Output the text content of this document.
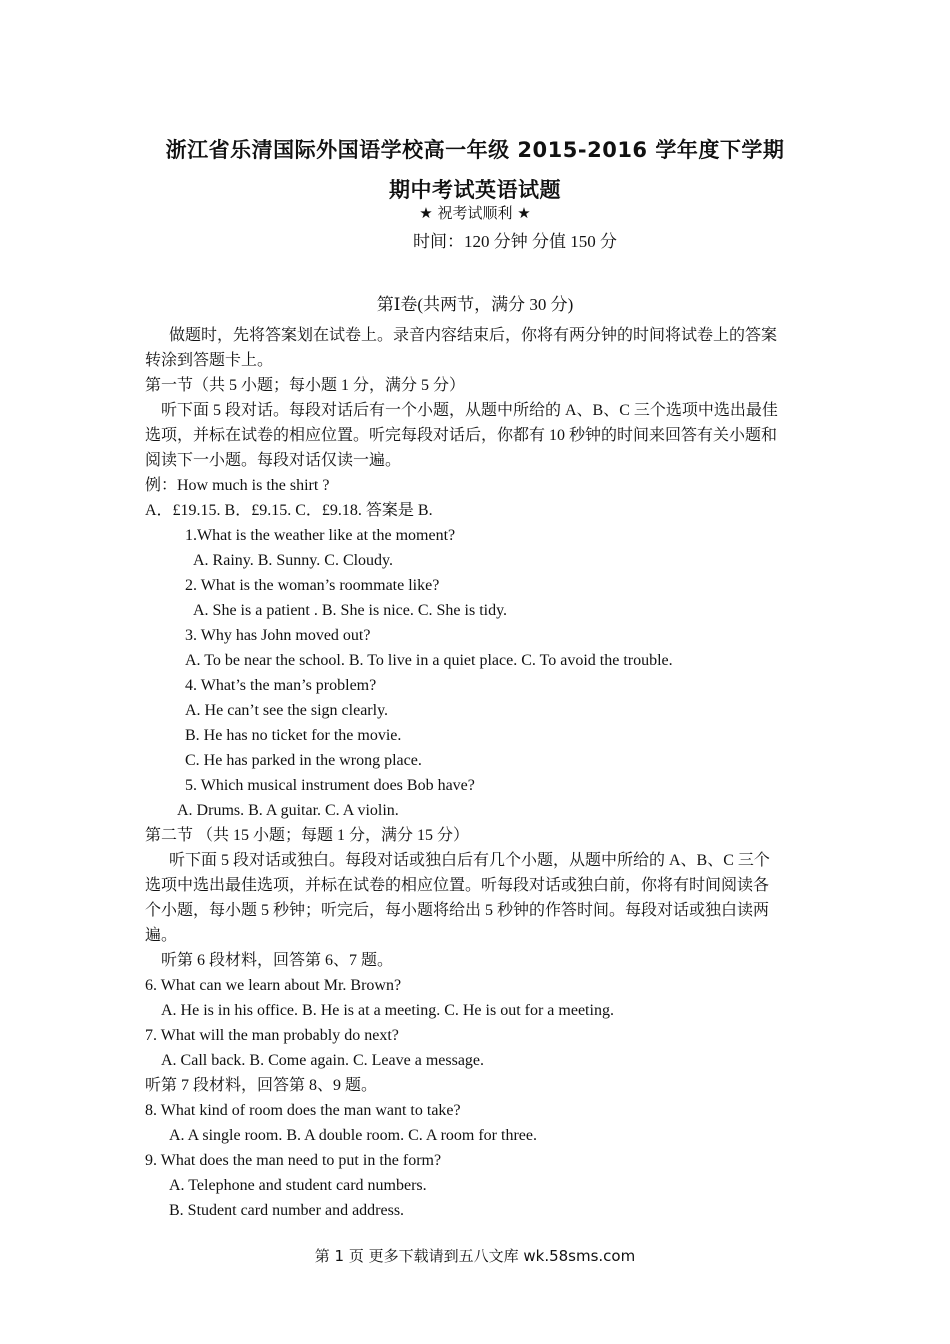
浙江省乐清国际外国语学校高一年级 2015-2016 学年度下学期
期中考试英语试题
★ 祝考试顺利 ★
时间：120 分钟 分值 150 分
第Ⅰ卷(共两节，满分 30 分)
做题时，先将答案划在试卷上。录音内容结束后，你将有两分钟的时间将试卷上的答案
转涂到答题卡上。
第一节（共 5 小题；每小题 1 分，满分 5 分）
听下面 5 段对话。每段对话后有一个小题，从题中所给的 A、B、C 三个选项中选出最佳
选项，并标在试卷的相应位置。听完每段对话后，你都有 10 秒钟的时间来回答有关小题和
阅读下一小题。每段对话仅读一遍。
例：How much is the shirt ?
A．£19.15. B．£9.15. C．£9.18. 答案是 B.
1.What is the weather like at the moment?
A. Rainy. B. Sunny. C. Cloudy.
2. What is the woman’s roommate like?
A. She is a patient . B. She is nice. C. She is tidy.
3. Why has John moved out?
A. To be near the school. B. To live in a quiet place. C. To avoid the trouble.
4. What’s the man’s problem?
A. He can’t see the sign clearly.
B. He has no ticket for the movie.
C. He has parked in the wrong place.
5. Which musical instrument does Bob have?
A. Drums. B. A guitar. C. A violin.
第二节 （共 15 小题；每题 1 分，满分 15 分）
听下面 5 段对话或独白。每段对话或独白后有几个小题，从题中所给的 A、B、C 三个
选项中选出最佳选项，并标在试卷的相应位置。听每段对话或独白前，你将有时间阅读各
个小题，每小题 5 秒钟；听完后，每小题将给出 5 秒钟的作答时间。每段对话或独白读两
遍。
听第 6 段材料，回答第 6、7 题。
6. What can we learn about Mr. Brown?
A. He is in his office. B. He is at a meeting. C. He is out for a meeting.
7. What will the man probably do next?
A. Call back. B. Come again. C. Leave a message.
听第 7 段材料，回答第 8、9 题。
8. What kind of room does the man want to take?
A. A single room. B. A double room. C. A room for three.
9. What does the man need to put in the form?
A. Telephone and student card numbers.
B. Student card number and address.
第 1 页 更多下载请到五八文库 wk.58sms.com
